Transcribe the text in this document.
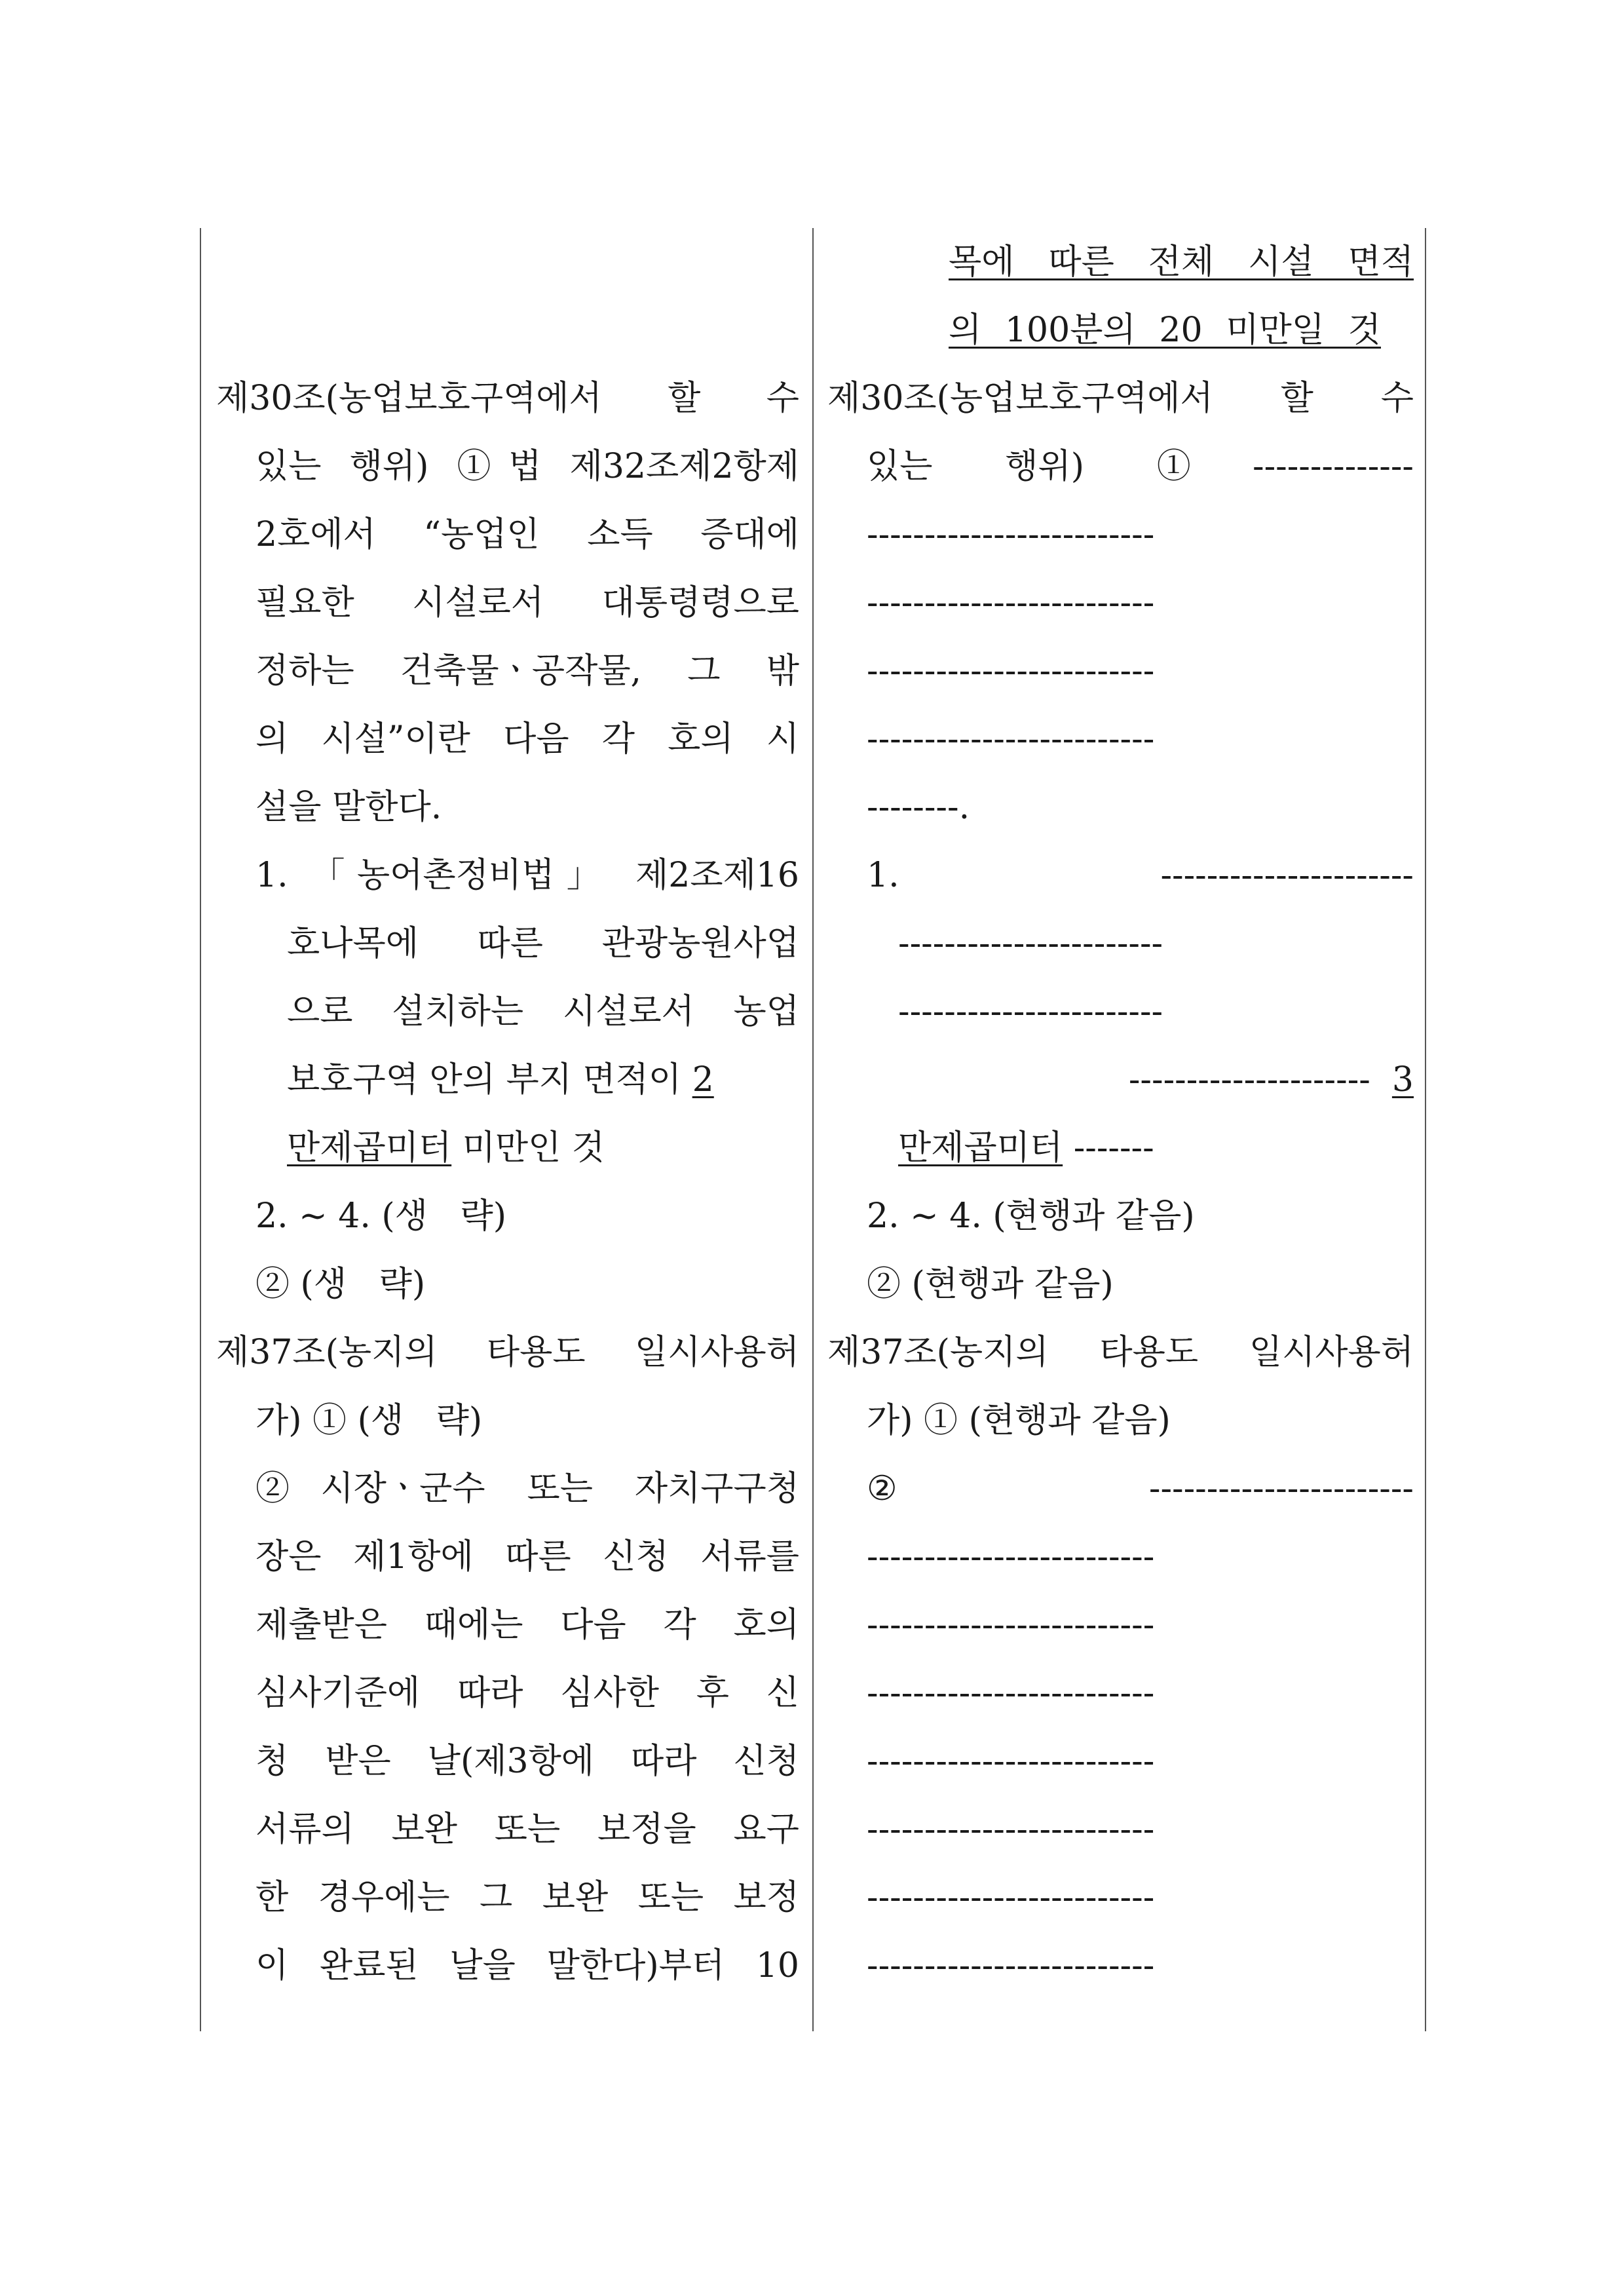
제30조(농업보호구역에서 할 수
있는 행위) ①법 제32조제2항제
2호에서 “농업인 소득 증대에
필요한 시설로서 대통령령으로
정하는 건축물ㆍ공작물, 그 밖
의 시설”이란 다음 각 호의 시
설을 말한다.
1. 「농어촌정비법」 제2조제16
호나목에 따른 관광농원사업
으로 설치하는 시설로서 농업
보호구역 안의 부지 면적이 2
만제곱미터 미만인 것
2. ~ 4. (생   략)
② (생   략)
제37조(농지의 타용도 일시사용허
가) ① (생   략)
②시장ㆍ군수 또는 자치구구청
장은 제1항에 따른 신청 서류를
제출받은 때에는 다음 각 호의
심사기준에 따라 심사한 후 신
청 받은 날(제3항에 따라 신청
서류의 보완 또는 보정을 요구
한 경우에는 그 보완 또는 보정
이 완료된 날을 말한다)부터 10
목에 따른 전체 시설 면적
의 100분의 20 미만일 것
제30조(농업보호구역에서 할 수
있는 행위) ①--------------
-------------------------
-------------------------
-------------------------
-------------------------
--------.
1. ----------------------
-----------------------
-----------------------
---------------------  3
만제곱미터 -------
2. ~ 4. (현행과 같음)
② (현행과 같음)
제37조(농지의 타용도 일시사용허
가) ① (현행과 같음)
②-----------------------
-------------------------
-------------------------
-------------------------
-------------------------
-------------------------
-------------------------
-------------------------
